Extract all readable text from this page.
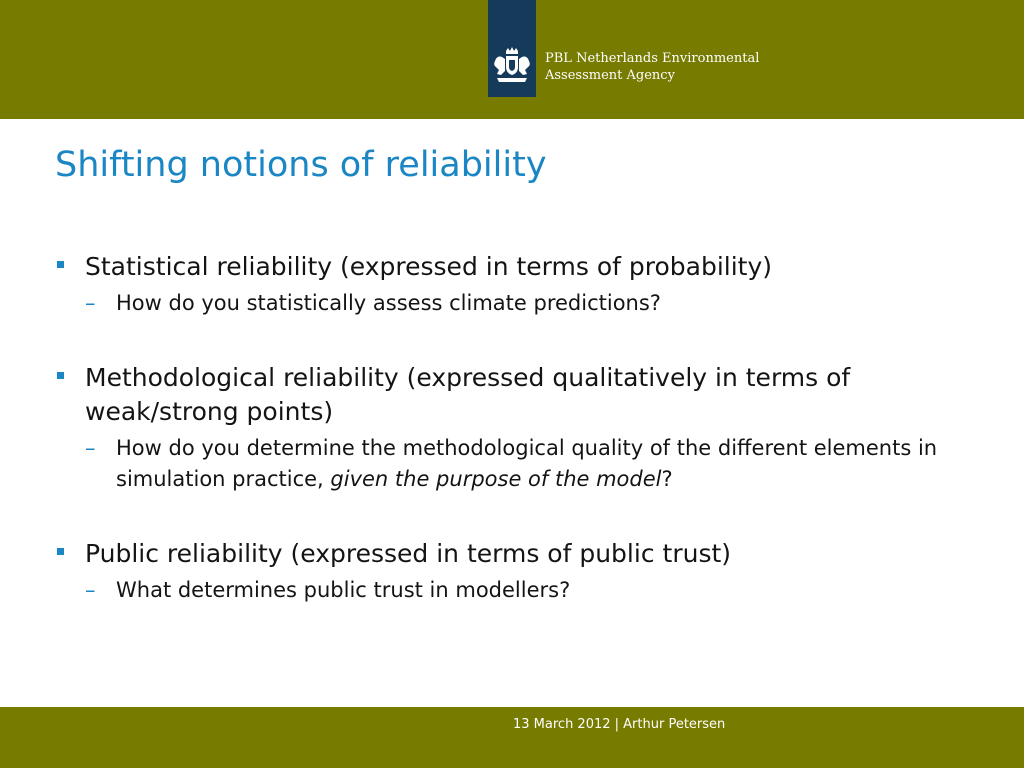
PBL Netherlands Environmental
Assessment Agency
Shifting notions of reliability
Statistical reliability (expressed in terms of probability)
– How do you statistically assess climate predictions?
Methodological reliability (expressed qualitatively in terms of weak/strong points)
– How do you determine the methodological quality of the different elements in simulation practice, given the purpose of the model?
Public reliability (expressed in terms of public trust)
– What determines public trust in modellers?
13 March 2012 | Arthur Petersen
